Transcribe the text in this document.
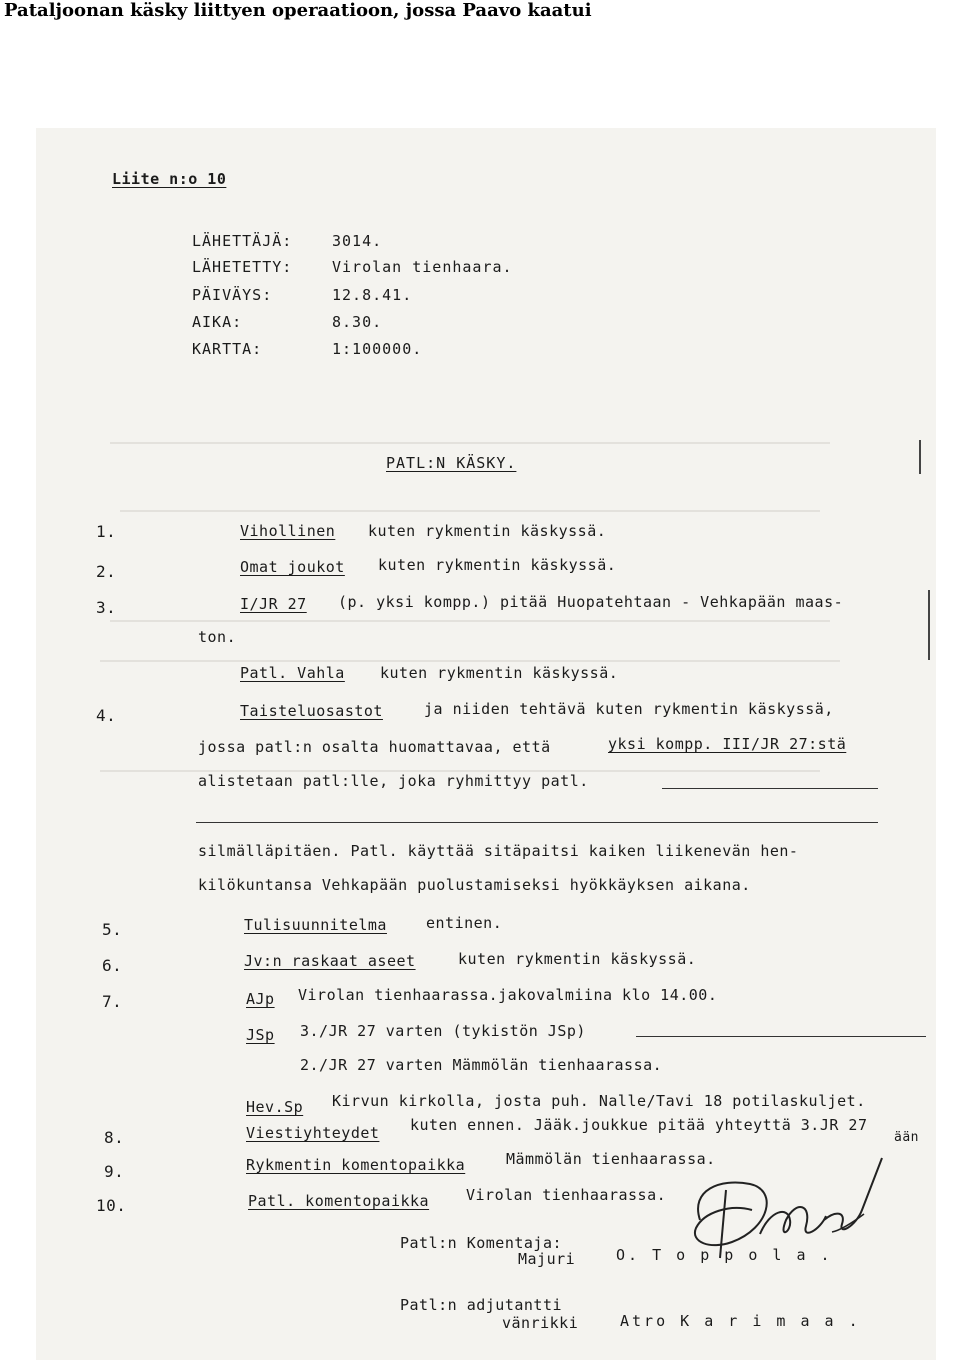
Pataljoonan käsky liittyen operaatioon, jossa Paavo kaatui
Liite n:o 10
LÄHETTÄJÄ:	3014.
LÄHETETTY:	Virolan tienhaara.
PÄIVÄYS:	12.8.41.
AIKA:	8.30.
KARTTA:	1:100000.
PATL:N KÄSKY.
1.	Vihollinen kuten rykmentin käskyssä.
2.	Omat joukot kuten rykmentin käskyssä.
3.	I/JR 27 (p. yksi kompp.) pitää Huopatehtaan - Vehkapään maas-
ton.
Patl. Vahla kuten rykmentin käskyssä.
4.	Taisteluosastot	ja niiden tehtävä kuten rykmentin käskyssä,
jossa patl:n osalta huomattavaa, että	yksi kompp. III/JR 27:stä
alistetaan patl:lle, joka ryhmittyy patl.
silmälläpitäen. Patl. käyttää sitäpaitsi kaiken liikenevän hen-
kilökuntansa Vehkapään puolustamiseksi hyökkäyksen aikana.
5.	Tulisuunnitelma	entinen.
6.	Jv:n raskaat aseet	kuten rykmentin käskyssä.
7.	AJp Virolan tienhaarassa.jakovalmiina klo 14.00.
JSp 3./JR 27 varten (tykistön JSp)
2./JR 27 varten Mämmölän tienhaarassa.
Hev.Sp Kirvun kirkolla, josta puh. Nalle/Tavi 18 potilaskuljet.
8.	Viestiyhteydet kuten ennen. Jääk.joukkue pitää yhteyttä 3.JR 27
ään
9.	Rykmentin komentopaikka	Mämmölän tienhaarassa.
10.	Patl. komentopaikka Virolan tienhaarassa.
Patl:n Komentaja:
Majuri	O. T o p p o l a .
Patl:n adjutantti
vänrikki	Atro K a r i m a a .
